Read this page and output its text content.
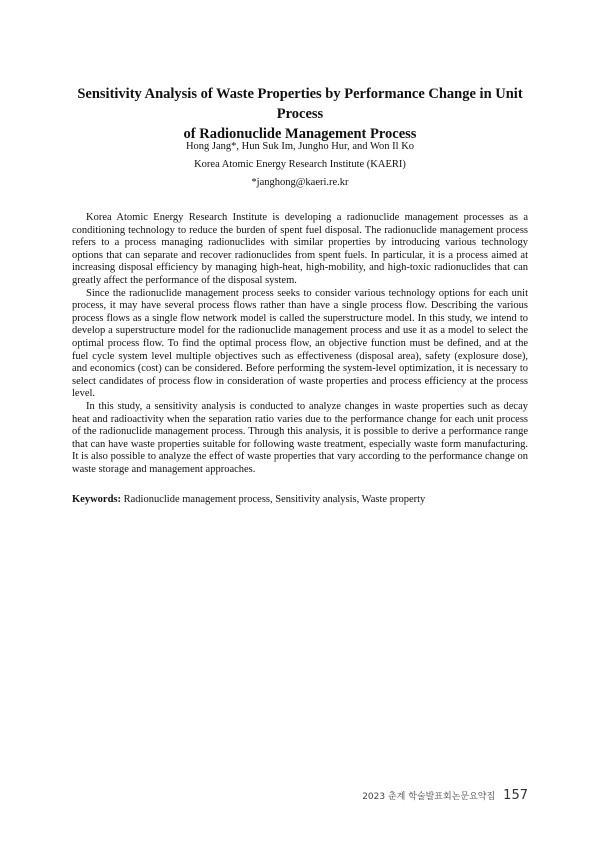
Sensitivity Analysis of Waste Properties by Performance Change in Unit Process
of Radionuclide Management Process
Hong Jang*, Hun Suk Im, Jungho Hur, and Won Il Ko
Korea Atomic Energy Research Institute (KAERI)
*janghong@kaeri.re.kr

Korea Atomic Energy Research Institute is developing a radionuclide management processes as a conditioning technology to reduce the burden of spent fuel disposal. The radionuclide management process refers to a process managing radionuclides with similar properties by introducing various technology options that can separate and recover radionuclides from spent fuels. In particular, it is a process aimed at increasing disposal efficiency by managing high-heat, high-mobility, and high-toxic radionuclides that can greatly affect the performance of the disposal system.

Since the radionuclide management process seeks to consider various technology options for each unit process, it may have several process flows rather than have a single process flow. Describing the various process flows as a single flow network model is called the superstructure model. In this study, we intend to develop a superstructure model for the radionuclide management process and use it as a model to select the optimal process flow. To find the optimal process flow, an objective function must be defined, and at the fuel cycle system level multiple objectives such as effectiveness (disposal area), safety (explosure dose), and economics (cost) can be considered. Before performing the system-level optimization, it is necessary to select candidates of process flow in consideration of waste properties and process efficiency at the process level.

In this study, a sensitivity analysis is conducted to analyze changes in waste properties such as decay heat and radioactivity when the separation ratio varies due to the performance change for each unit process of the radionuclide management process. Through this analysis, it is possible to derive a performance range that can have waste properties suitable for following waste treatment, especially waste form manufacturing. It is also possible to analyze the effect of waste properties that vary according to the performance change on waste storage and management approaches.

Keywords: Radionuclide management process, Sensitivity analysis, Waste property
2023 춘계 학술발표회논문요약집 157
